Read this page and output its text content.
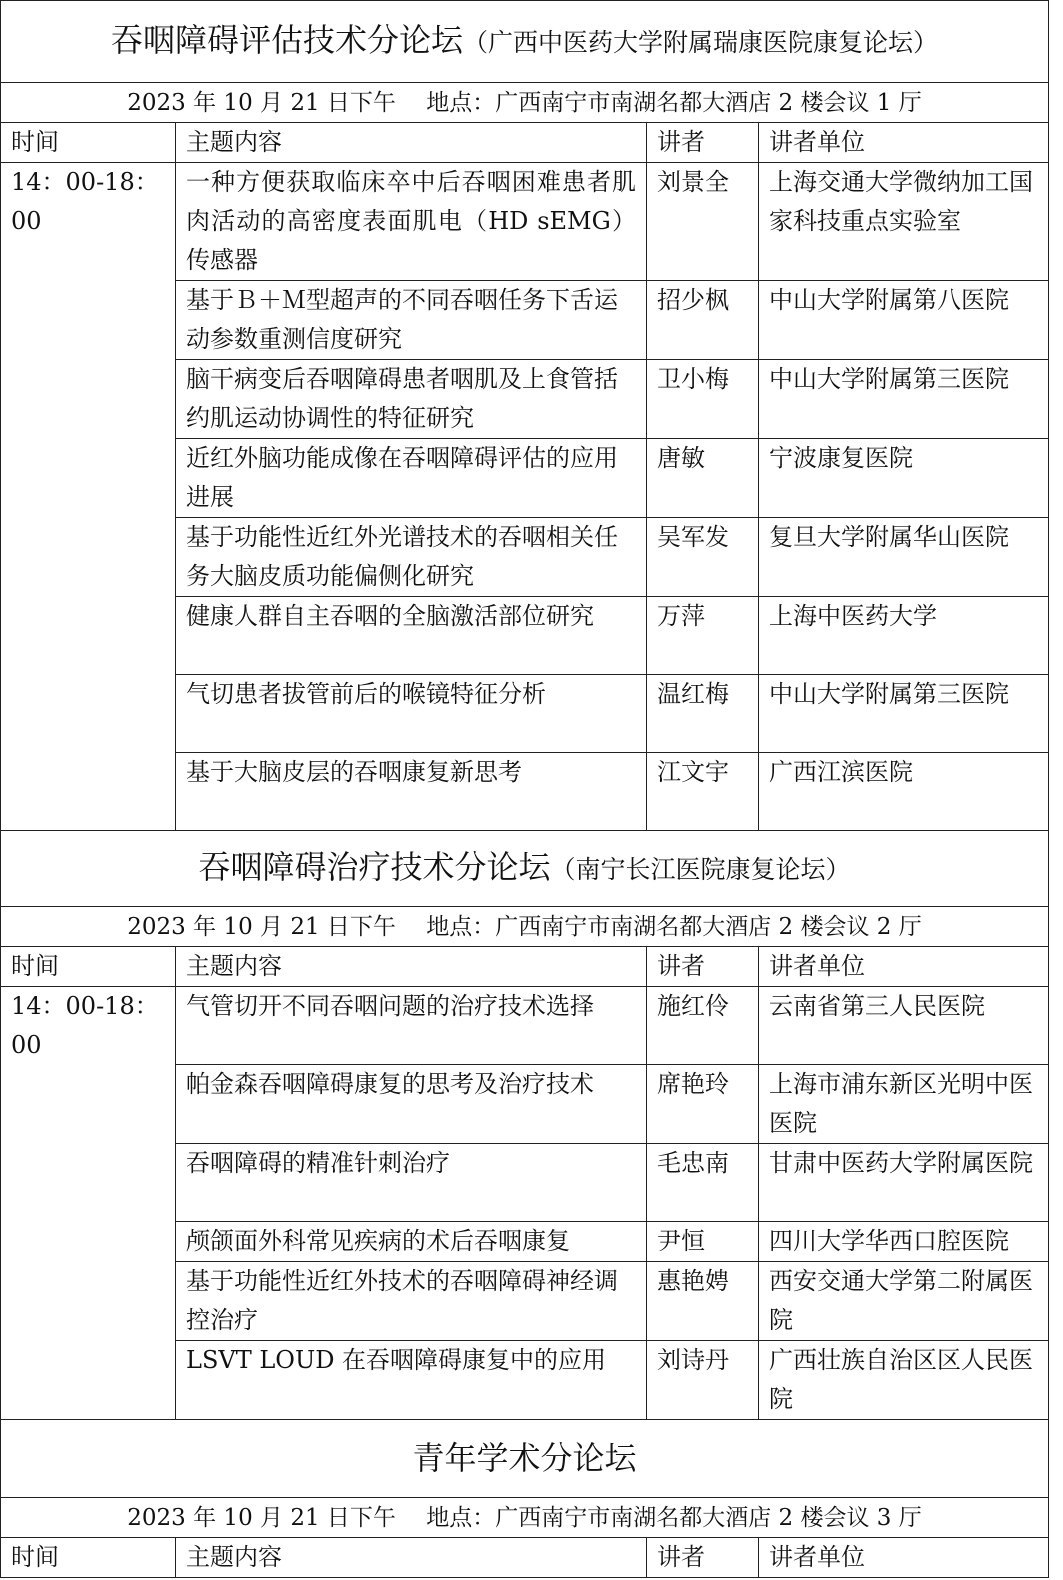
吞咽障碍评估技术分论坛（广西中医药大学附属瑞康医院康复论坛）			
2023 年 10 月 21 日下午　 地点：广西南宁市南湖名都大酒店 2 楼会议 1 厅			
时间	主题内容	讲者	讲者单位
14：00-18：00	一种方便获取临床卒中后吞咽困难患者肌肉活动的高密度表面肌电（HD sEMG）传感器	刘景全	上海交通大学微纳加工国家科技重点实验室
	基于Ｂ＋Ｍ型超声的不同吞咽任务下舌运动参数重测信度研究	招少枫	中山大学附属第八医院
	脑干病变后吞咽障碍患者咽肌及上食管括约肌运动协调性的特征研究	卫小梅	中山大学附属第三医院
	近红外脑功能成像在吞咽障碍评估的应用进展	唐敏	宁波康复医院
	基于功能性近红外光谱技术的吞咽相关任务大脑皮质功能偏侧化研究	吴军发	复旦大学附属华山医院
	健康人群自主吞咽的全脑激活部位研究	万萍	上海中医药大学
	气切患者拔管前后的喉镜特征分析	温红梅	中山大学附属第三医院
	基于大脑皮层的吞咽康复新思考	江文宇	广西江滨医院
吞咽障碍治疗技术分论坛（南宁长江医院康复论坛）			
2023 年 10 月 21 日下午　 地点：广西南宁市南湖名都大酒店 2 楼会议 2 厅			
时间	主题内容	讲者	讲者单位
14：00-18：00	气管切开不同吞咽问题的治疗技术选择	施红伶	云南省第三人民医院
	帕金森吞咽障碍康复的思考及治疗技术	席艳玲	上海市浦东新区光明中医医院
	吞咽障碍的精准针刺治疗	毛忠南	甘肃中医药大学附属医院
	颅颌面外科常见疾病的术后吞咽康复	尹恒	四川大学华西口腔医院
	基于功能性近红外技术的吞咽障碍神经调控治疗	惠艳娉	西安交通大学第二附属医院
	LSVT LOUD 在吞咽障碍康复中的应用	刘诗丹	广西壮族自治区区人民医院
青年学术分论坛			
2023 年 10 月 21 日下午　 地点：广西南宁市南湖名都大酒店 2 楼会议 3 厅			
时间	主题内容	讲者	讲者单位
